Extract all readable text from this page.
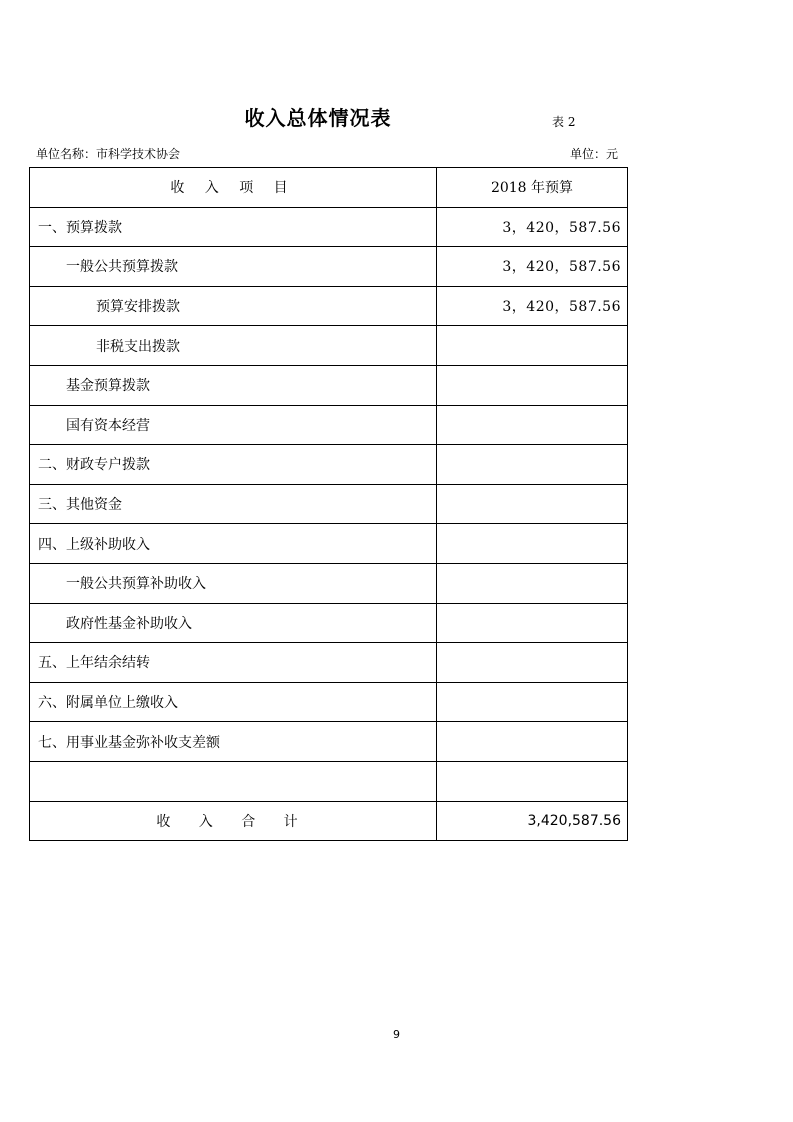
收入总体情况表	表 2
单位名称：市科学技术协会	单位：元
收 入 项 目	2018 年预算
一、预算拨款	3，420，587.56
一般公共预算拨款	3，420，587.56
预算安排拨款	3，420，587.56
非税支出拨款	
基金预算拨款	
国有资本经营	
二、财政专户拨款	
三、其他资金	
四、上级补助收入	
一般公共预算补助收入	
政府性基金补助收入	
五、上年结余结转	
六、附属单位上缴收入	
七、用事业基金弥补收支差额	

收 入 合 计	3,420,587.56
9
